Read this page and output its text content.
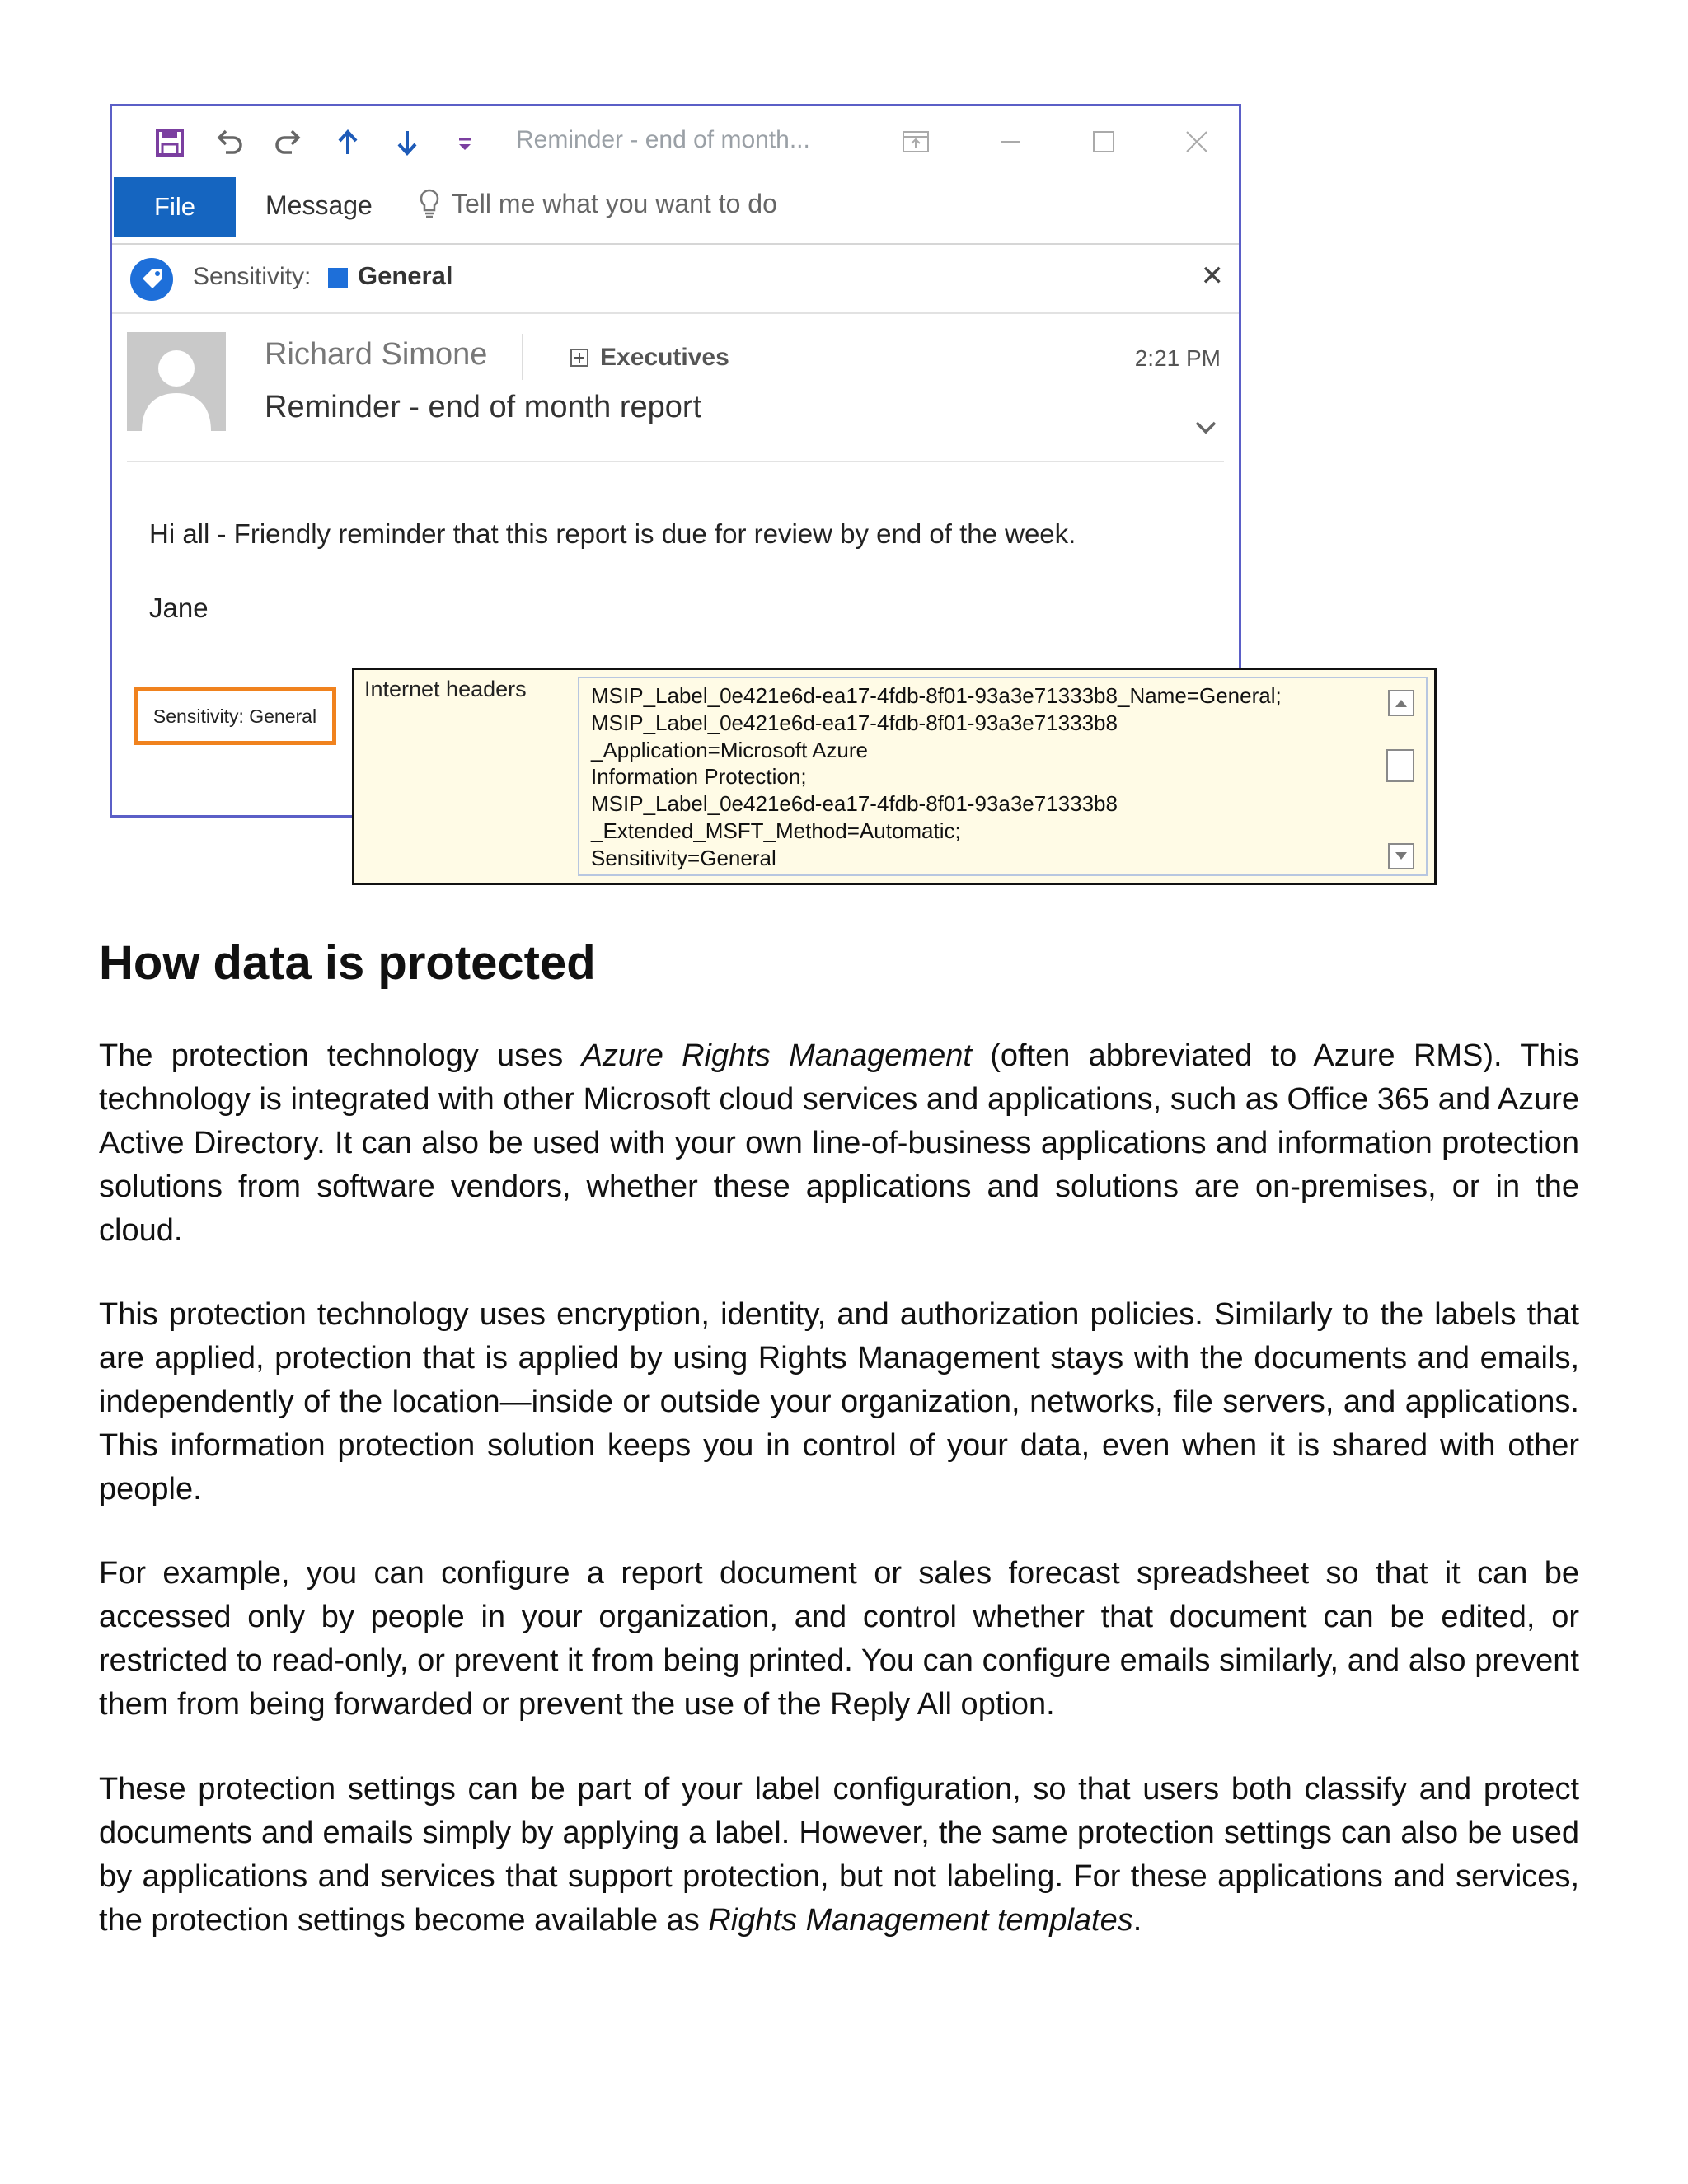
Reminder - end of month...
File	Message	Tell me what you want to do
Sensitivity: General	✕
Richard Simone	Executives	2:21 PM
Reminder - end of month report
Hi all - Friendly reminder that this report is due for review by end of the week.
Jane
Sensitivity: General
Internet headers	MSIP_Label_0e421e6d-ea17-4fdb-8f01-93a3e71333b8_Name=General;
MSIP_Label_0e421e6d-ea17-4fdb-8f01-93a3e71333b8
_Application=Microsoft Azure
Information Protection;
MSIP_Label_0e421e6d-ea17-4fdb-8f01-93a3e71333b8
_Extended_MSFT_Method=Automatic;
Sensitivity=General
How data is protected

The protection technology uses Azure Rights Management (often abbreviated to Azure RMS). This technology is integrated with other Microsoft cloud services and applications, such as Office 365 and Azure Active Directory. It can also be used with your own line-of-business applications and information protection solutions from software vendors, whether these applications and solutions are on-premises, or in the cloud.

This protection technology uses encryption, identity, and authorization policies. Similarly to the labels that are applied, protection that is applied by using Rights Management stays with the documents and emails, independently of the location—inside or outside your organization, networks, file servers, and applications. This information protection solution keeps you in control of your data, even when it is shared with other people.

For example, you can configure a report document or sales forecast spreadsheet so that it can be accessed only by people in your organization, and control whether that document can be edited, or restricted to read-only, or prevent it from being printed. You can configure emails similarly, and also prevent them from being forwarded or prevent the use of the Reply All option.

These protection settings can be part of your label configuration, so that users both classify and protect documents and emails simply by applying a label. However, the same protection settings can also be used by applications and services that support protection, but not labeling. For these applications and services, the protection settings become available as Rights Management templates.
